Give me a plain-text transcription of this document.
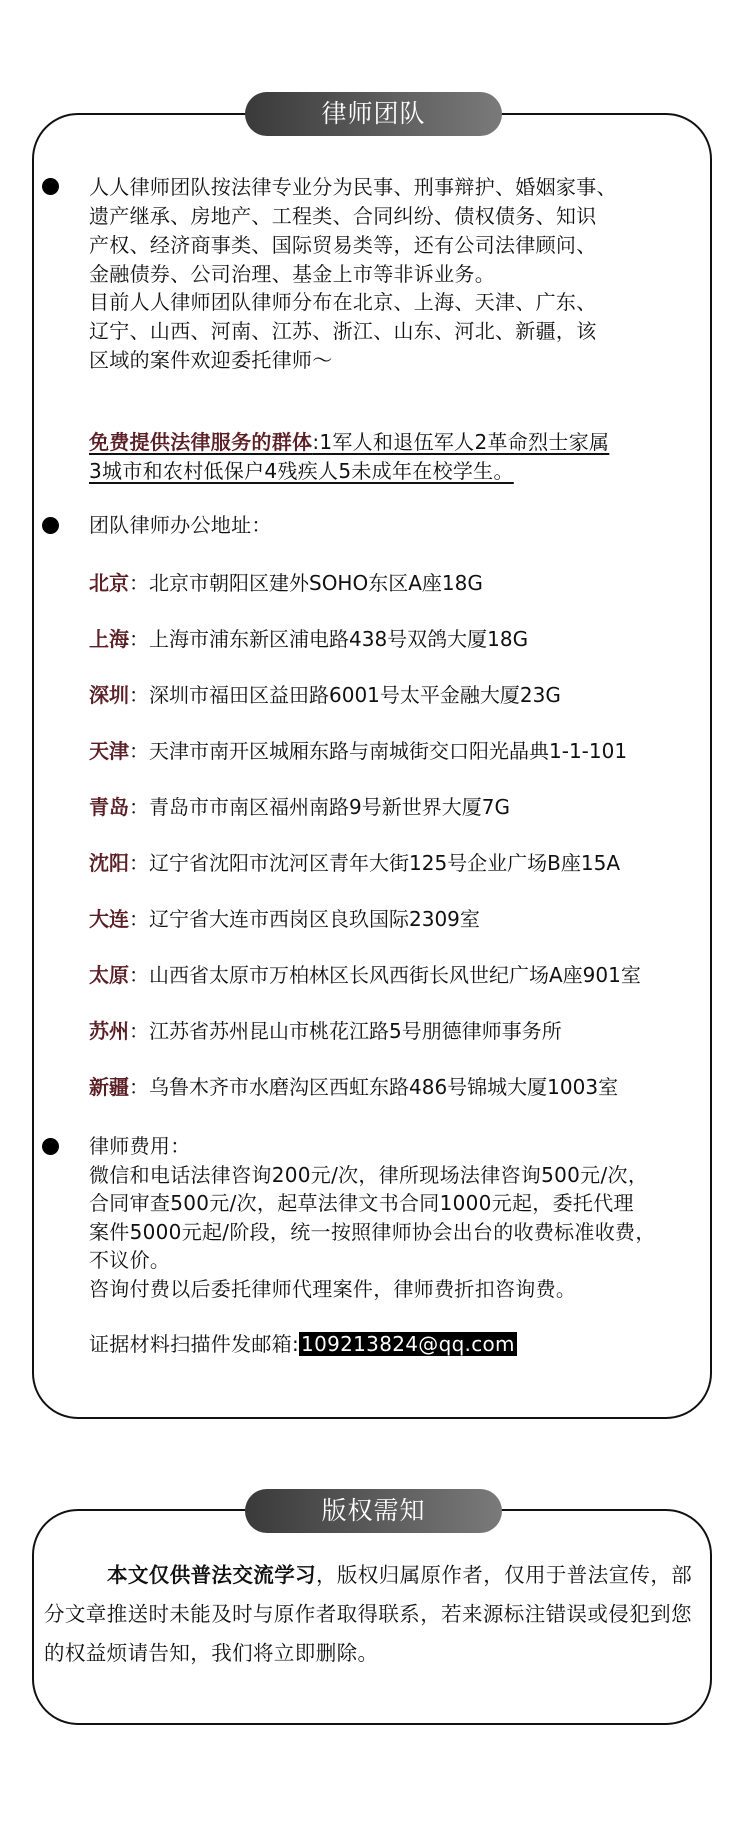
律师团队
人人律师团队按法律专业分为民事、刑事辩护、婚姻家事、
遗产继承、房地产、工程类、合同纠纷、债权债务、知识
产权、经济商事类、国际贸易类等，还有公司法律顾问、
金融债券、公司治理、基金上市等非诉业务。
目前人人律师团队律师分布在北京、上海、天津、广东、
辽宁、山西、河南、江苏、浙江、山东、河北、新疆，该
区域的案件欢迎委托律师～
免费提供法律服务的群体:1军人和退伍军人2革命烈士家属
3城市和农村低保户4残疾人5未成年在校学生。
团队律师办公地址：
北京：北京市朝阳区建外SOHO东区A座18G
上海：上海市浦东新区浦电路438号双鸽大厦18G
深圳：深圳市福田区益田路6001号太平金融大厦23G
天津：天津市南开区城厢东路与南城街交口阳光晶典1-1-101
青岛：青岛市市南区福州南路9号新世界大厦7G
沈阳：辽宁省沈阳市沈河区青年大街125号企业广场B座15A
大连：辽宁省大连市西岗区良玖国际2309室
太原：山西省太原市万柏林区长风西街长风世纪广场A座901室
苏州：江苏省苏州昆山市桃花江路5号朋德律师事务所
新疆：乌鲁木齐市水磨沟区西虹东路486号锦城大厦1003室
律师费用：
微信和电话法律咨询200元/次，律所现场法律咨询500元/次，
合同审查500元/次，起草法律文书合同1000元起，委托代理
案件5000元起/阶段，统一按照律师协会出台的收费标准收费，
不议价。
咨询付费以后委托律师代理案件，律师费折扣咨询费。
证据材料扫描件发邮箱: 109213824@qq.com
版权需知

本文仅供普法交流学习，版权归属原作者，仅用于普法宣传，部分文章推送时未能及时与原作者取得联系，若来源标注错误或侵犯到您的权益烦请告知，我们将立即删除。
